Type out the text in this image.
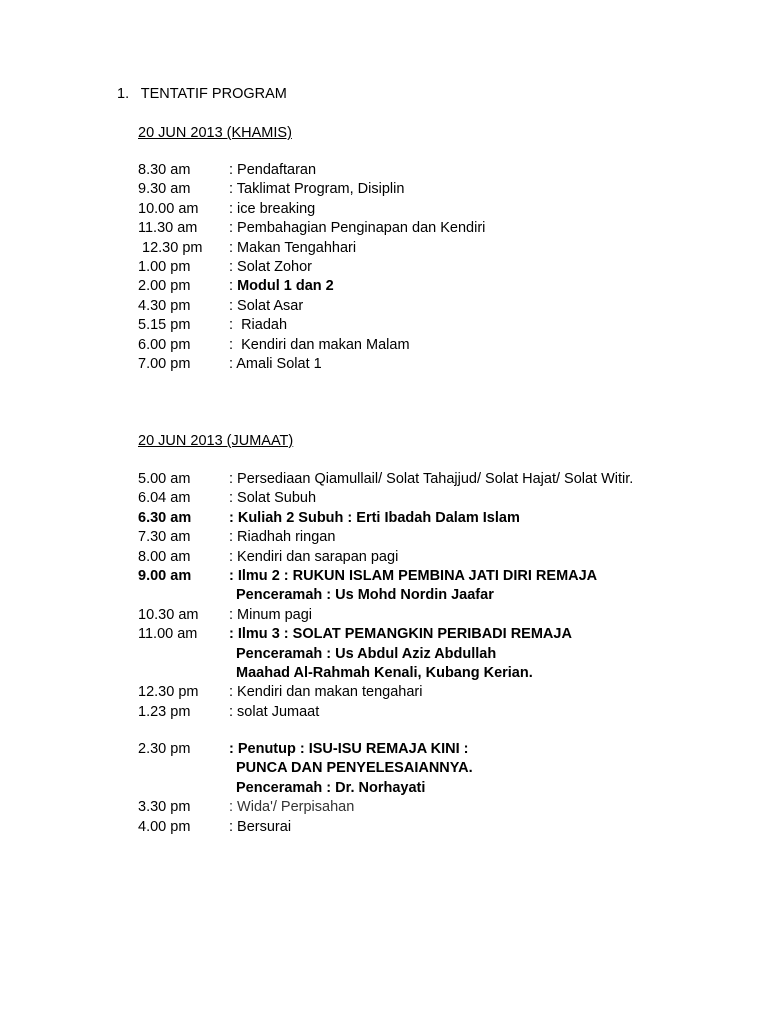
1. TENTATIF PROGRAM
20 JUN 2013 (KHAMIS)
8.30 am	: Pendaftaran
9.30 am	: Taklimat Program, Disiplin
10.00 am : ice breaking
11.30 am : Pembahagian Penginapan dan Kendiri
12.30 pm : Makan Tengahhari
1.00 pm	: Solat Zohor
2.00 pm	: Modul 1 dan 2
4.30 pm	: Solat Asar
5.15 pm	:  Riadah
6.00 pm	:  Kendiri dan makan Malam
7.00 pm	: Amali Solat 1
20 JUN 2013 (JUMAAT)
5.00 am	: Persediaan Qiamullail/ Solat Tahajjud/ Solat Hajat/ Solat Witir.
6.04 am	: Solat Subuh
6.30 am	: Kuliah 2 Subuh : Erti Ibadah Dalam Islam
7.30 am	: Riadhah ringan
8.00 am	: Kendiri dan sarapan pagi
9.00 am	: Ilmu 2 : RUKUN ISLAM PEMBINA JATI DIRI REMAJA
Penceramah : Us Mohd Nordin Jaafar
10.30 am : Minum pagi
11.00 am : Ilmu 3 : SOLAT PEMANGKIN PERIBADI REMAJA
Penceramah : Us Abdul Aziz Abdullah
Maahad Al-Rahmah Kenali, Kubang Kerian.
12.30 pm : Kendiri dan makan tengahari
1.23 pm	: solat Jumaat
2.30 pm	: Penutup : ISU-ISU REMAJA KINI :
PUNCA DAN PENYELESAIANNYA.
Penceramah : Dr. Norhayati
3.30 pm	: Wida'/ Perpisahan
4.00 pm	: Bersurai
